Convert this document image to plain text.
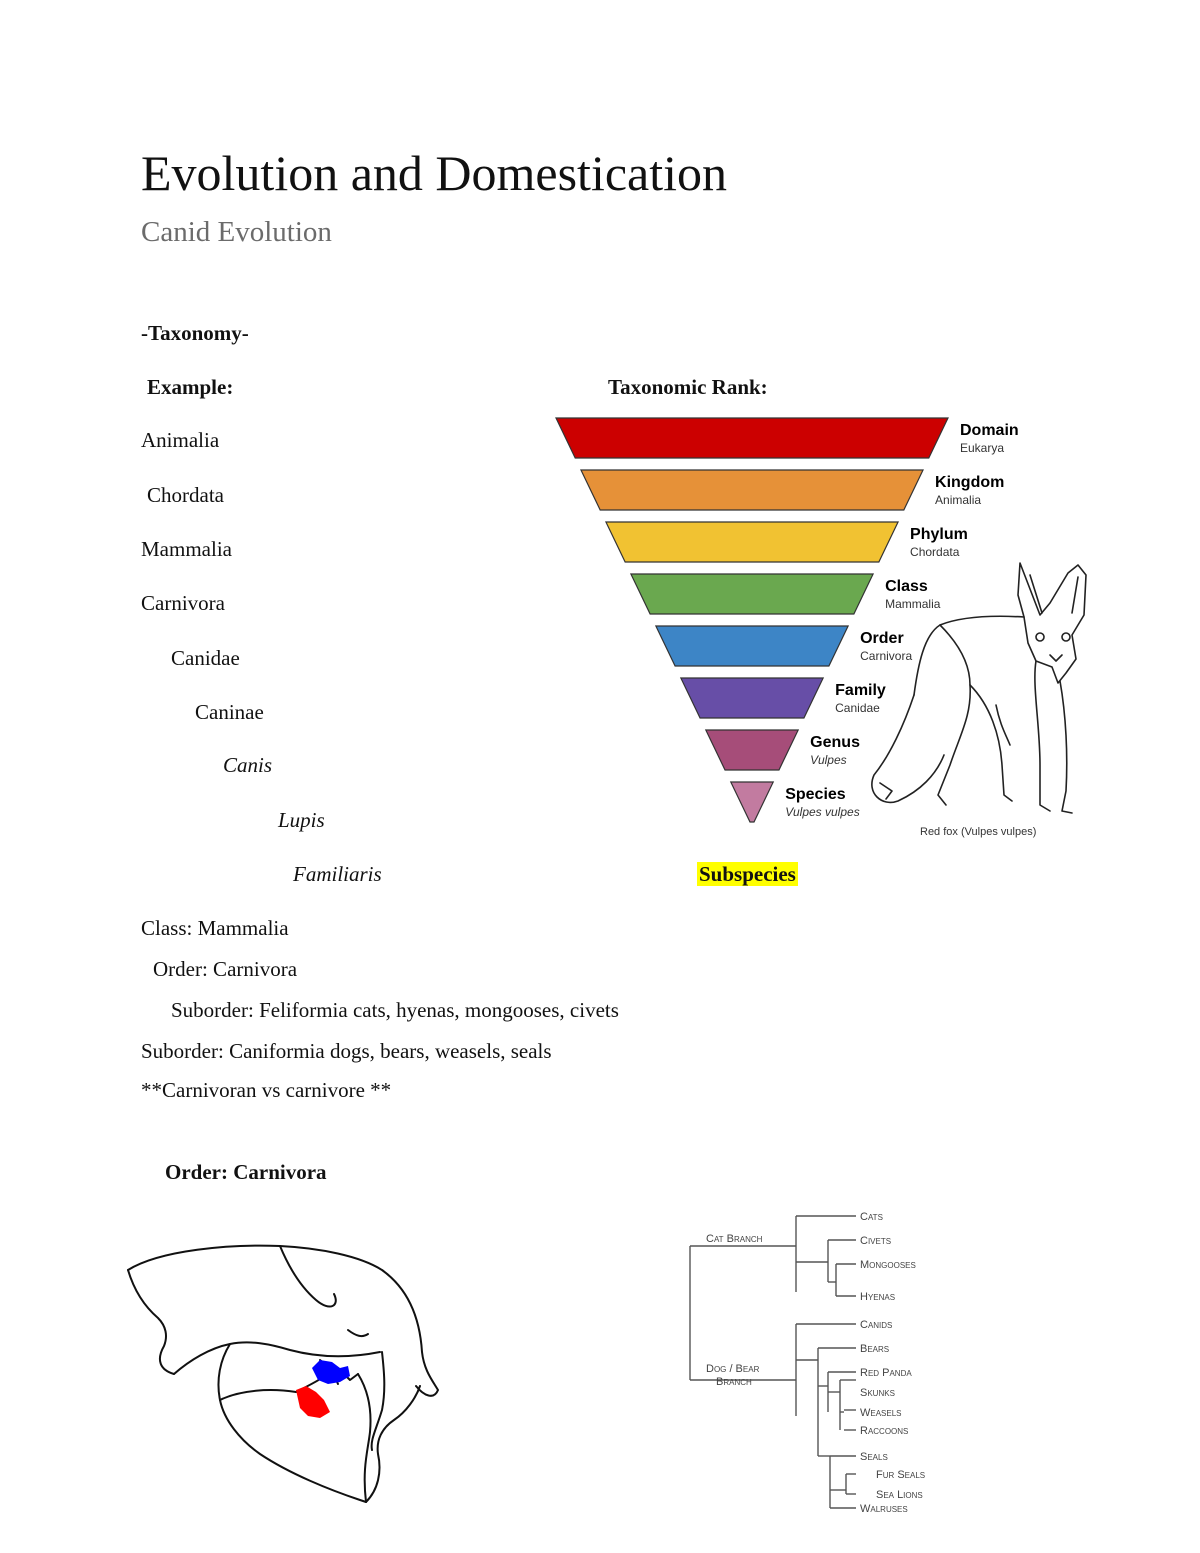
Evolution and Domestication
Canid Evolution
-Taxonomy-
Example:	Taxonomic Rank:
Animalia
Chordata
Mammalia
Carnivora
Canidae
Caninae
Canis
Lupis
Familiaris	Subspecies
Domain
Eukarya
Kingdom
Animalia
Phylum
Chordata
Class
Mammalia
Order
Carnivora
Family
Canidae
Genus
Vulpes
Species
Vulpes vulpes
Red fox (Vulpes vulpes)
Class: Mammalia
Order: Carnivora
Suborder: Feliformia cats, hyenas, mongooses, civets
Suborder: Caniformia dogs, bears, weasels, seals
**Carnivoran vs carnivore **
Order: Carnivora
Cat Branch
Dog / Bear
Branch
Cats
Civets
Mongooses
Hyenas
Canids
Bears
Red Panda
Skunks
Weasels
Raccoons
Seals
Fur Seals
Sea Lions
Walruses
